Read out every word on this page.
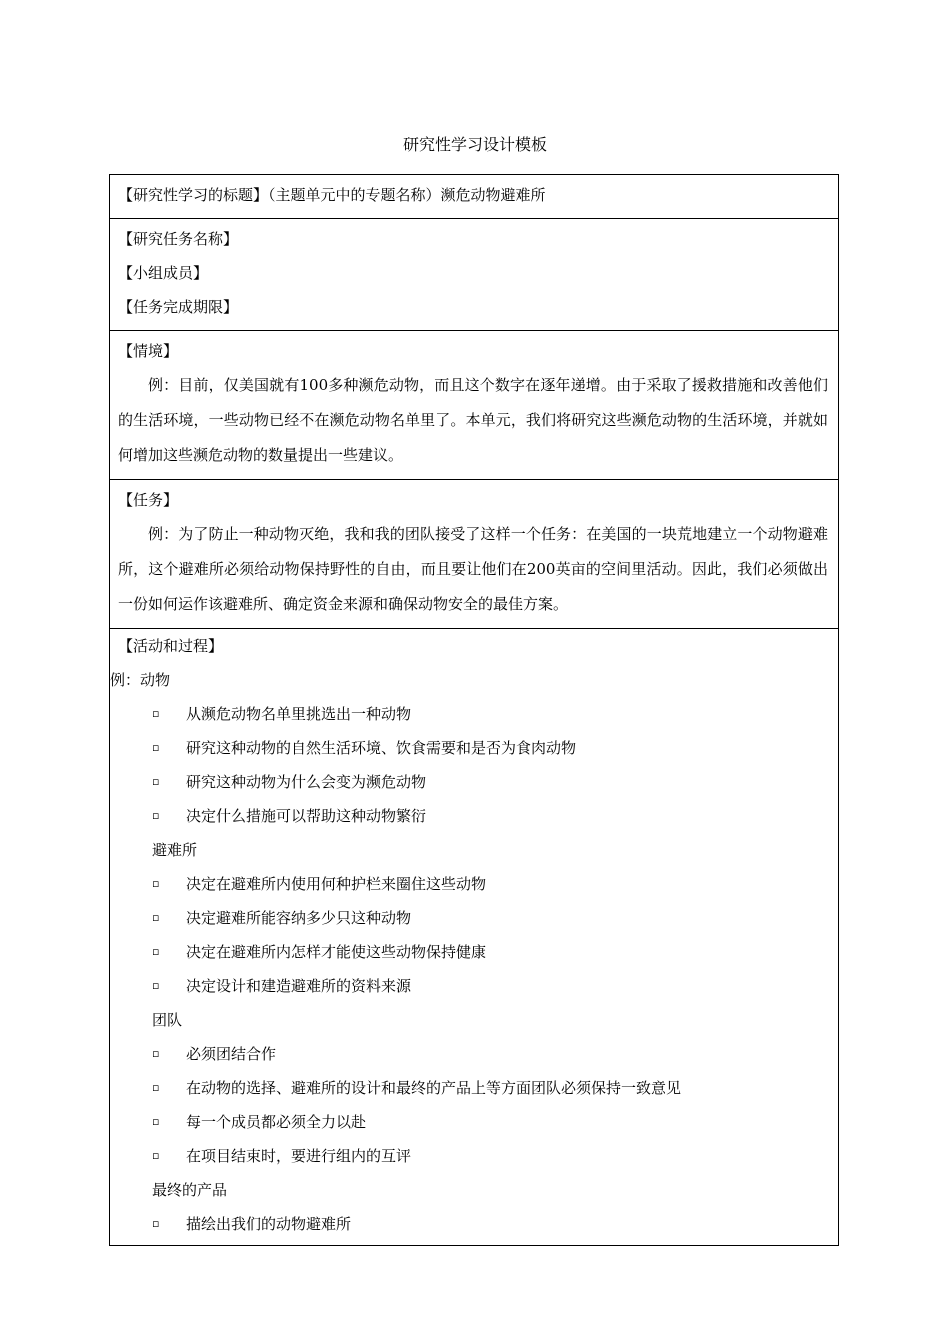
研究性学习设计模板
【研究性学习的标题】（主题单元中的专题名称）濒危动物避难所
【研究任务名称】
【小组成员】
【任务完成期限】
【情境】
例：目前，仅美国就有100多种濒危动物，而且这个数字在逐年递增。由于采取了援救措施和改善他们的生活环境，一些动物已经不在濒危动物名单里了。本单元，我们将研究这些濒危动物的生活环境，并就如何增加这些濒危动物的数量提出一些建议。
【任务】
例：为了防止一种动物灭绝，我和我的团队接受了这样一个任务：在美国的一块荒地建立一个动物避难所，这个避难所必须给动物保持野性的自由，而且要让他们在200英亩的空间里活动。因此，我们必须做出一份如何运作该避难所、确定资金来源和确保动物安全的最佳方案。
【活动和过程】
例：动物
▫	从濒危动物名单里挑选出一种动物
▫	研究这种动物的自然生活环境、饮食需要和是否为食肉动物
▫	研究这种动物为什么会变为濒危动物
▫	决定什么措施可以帮助这种动物繁衍
避难所
▫	决定在避难所内使用何种护栏来圈住这些动物
▫	决定避难所能容纳多少只这种动物
▫	决定在避难所内怎样才能使这些动物保持健康
▫	决定设计和建造避难所的资料来源
团队
▫	必须团结合作
▫	在动物的选择、避难所的设计和最终的产品上等方面团队必须保持一致意见
▫	每一个成员都必须全力以赴
▫	在项目结束时，要进行组内的互评
最终的产品
▫	描绘出我们的动物避难所
